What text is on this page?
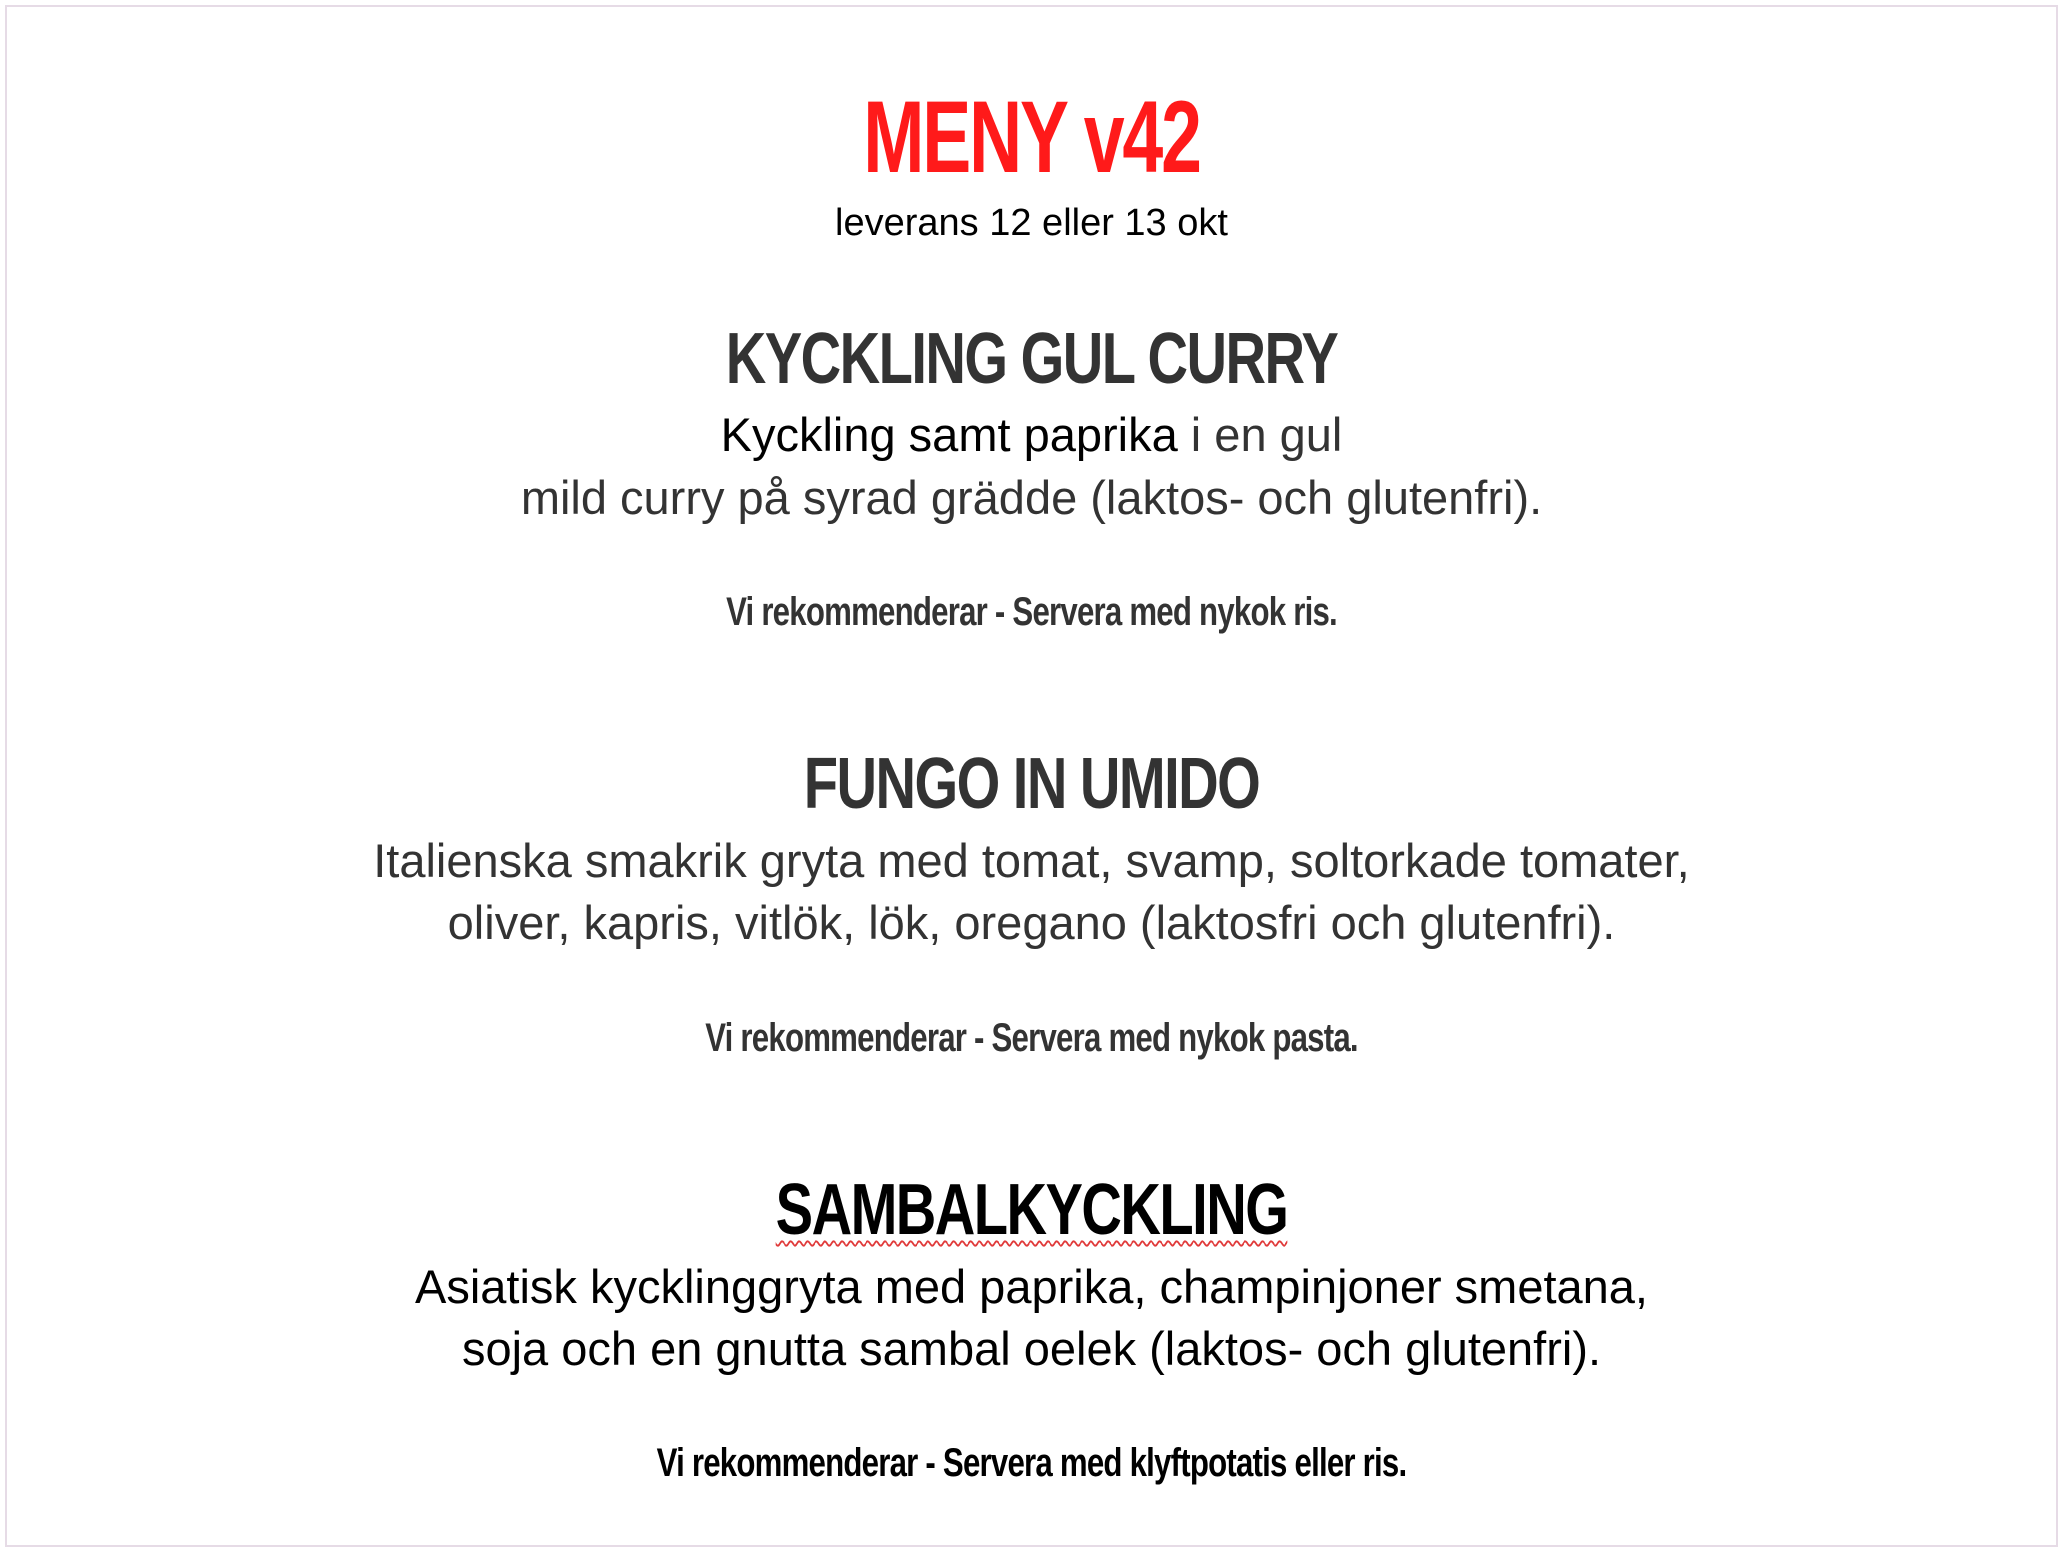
MENY v42

leverans 12 eller 13 okt

KYCKLING GUL CURRY

Kyckling samt paprika i en gul

mild curry på syrad grädde (laktos- och glutenfri).

Vi rekommenderar - Servera med nykok ris.

FUNGO IN UMIDO

Italienska smakrik gryta med tomat, svamp, soltorkade tomater,

oliver, kapris, vitlök, lök, oregano (laktosfri och glutenfri).

Vi rekommenderar - Servera med nykok pasta.

SAMBALKYCKLING

Asiatisk kycklinggryta med paprika, champinjoner smetana,

soja och en gnutta sambal oelek (laktos- och glutenfri).

Vi rekommenderar - Servera med klyftpotatis eller ris.
